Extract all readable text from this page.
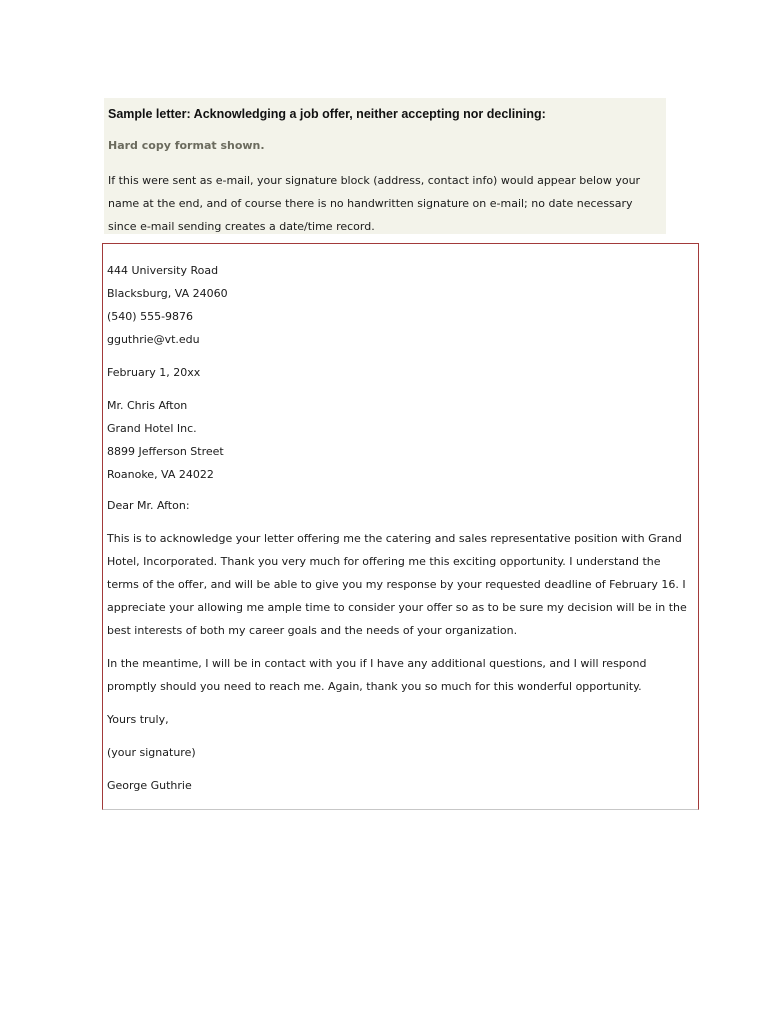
Sample letter: Acknowledging a job offer, neither accepting nor declining:

Hard copy format shown.

If this were sent as e-mail, your signature block (address, contact info) would appear below your name at the end, and of course there is no handwritten signature on e-mail; no date necessary since e-mail sending creates a date/time record.

444 University Road

Blacksburg, VA 24060

(540) 555-9876

gguthrie@vt.edu

February 1, 20xx

Mr. Chris Afton

Grand Hotel Inc.

8899 Jefferson Street

Roanoke, VA 24022

Dear Mr. Afton:

This is to acknowledge your letter offering me the catering and sales representative position with Grand Hotel, Incorporated. Thank you very much for offering me this exciting opportunity. I understand the terms of the offer, and will be able to give you my response by your requested deadline of February 16. I appreciate your allowing me ample time to consider your offer so as to be sure my decision will be in the best interests of both my career goals and the needs of your organization.

In the meantime, I will be in contact with you if I have any additional questions, and I will respond promptly should you need to reach me. Again, thank you so much for this wonderful opportunity.

Yours truly,

(your signature)

George Guthrie
